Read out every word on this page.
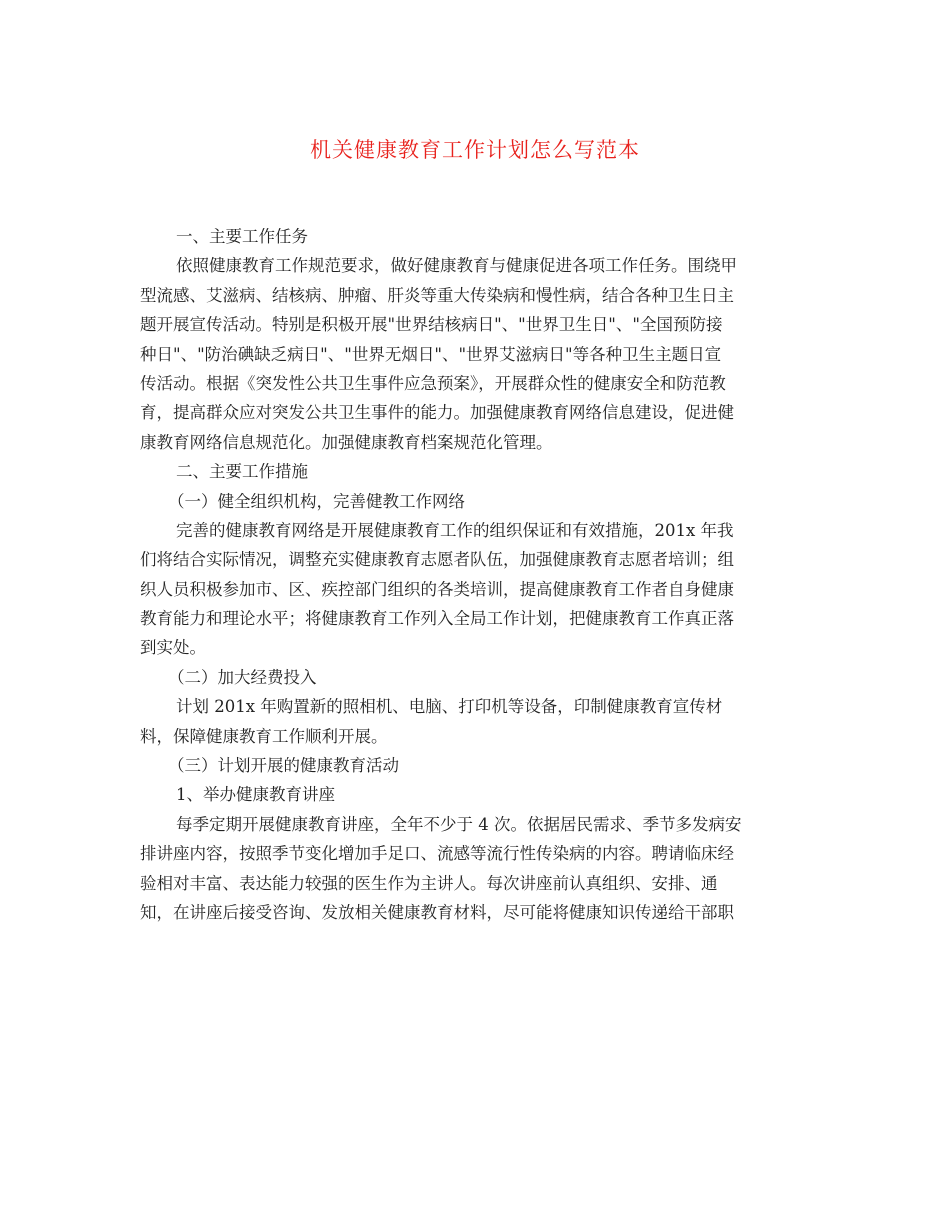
机关健康教育工作计划怎么写范本
一、主要工作任务
依照健康教育工作规范要求，做好健康教育与健康促进各项工作任务。围绕甲
型流感、艾滋病、结核病、肿瘤、肝炎等重大传染病和慢性病，结合各种卫生日主
题开展宣传活动。特别是积极开展"世界结核病日"、"世界卫生日"、"全国预防接
种日"、"防治碘缺乏病日"、"世界无烟日"、"世界艾滋病日"等各种卫生主题日宣
传活动。根据《突发性公共卫生事件应急预案》，开展群众性的健康安全和防范教
育，提高群众应对突发公共卫生事件的能力。加强健康教育网络信息建设，促进健
康教育网络信息规范化。加强健康教育档案规范化管理。
二、主要工作措施
（一）健全组织机构，完善健教工作网络
完善的健康教育网络是开展健康教育工作的组织保证和有效措施，201x 年我
们将结合实际情况，调整充实健康教育志愿者队伍，加强健康教育志愿者培训；组
织人员积极参加市、区、疾控部门组织的各类培训，提高健康教育工作者自身健康
教育能力和理论水平；将健康教育工作列入全局工作计划，把健康教育工作真正落
到实处。
（二）加大经费投入
计划 201x 年购置新的照相机、电脑、打印机等设备，印制健康教育宣传材
料，保障健康教育工作顺利开展。
（三）计划开展的健康教育活动
1、举办健康教育讲座
每季定期开展健康教育讲座，全年不少于 4 次。依据居民需求、季节多发病安
排讲座内容，按照季节变化增加手足口、流感等流行性传染病的内容。聘请临床经
验相对丰富、表达能力较强的医生作为主讲人。每次讲座前认真组织、安排、通
知，在讲座后接受咨询、发放相关健康教育材料，尽可能将健康知识传递给干部职
